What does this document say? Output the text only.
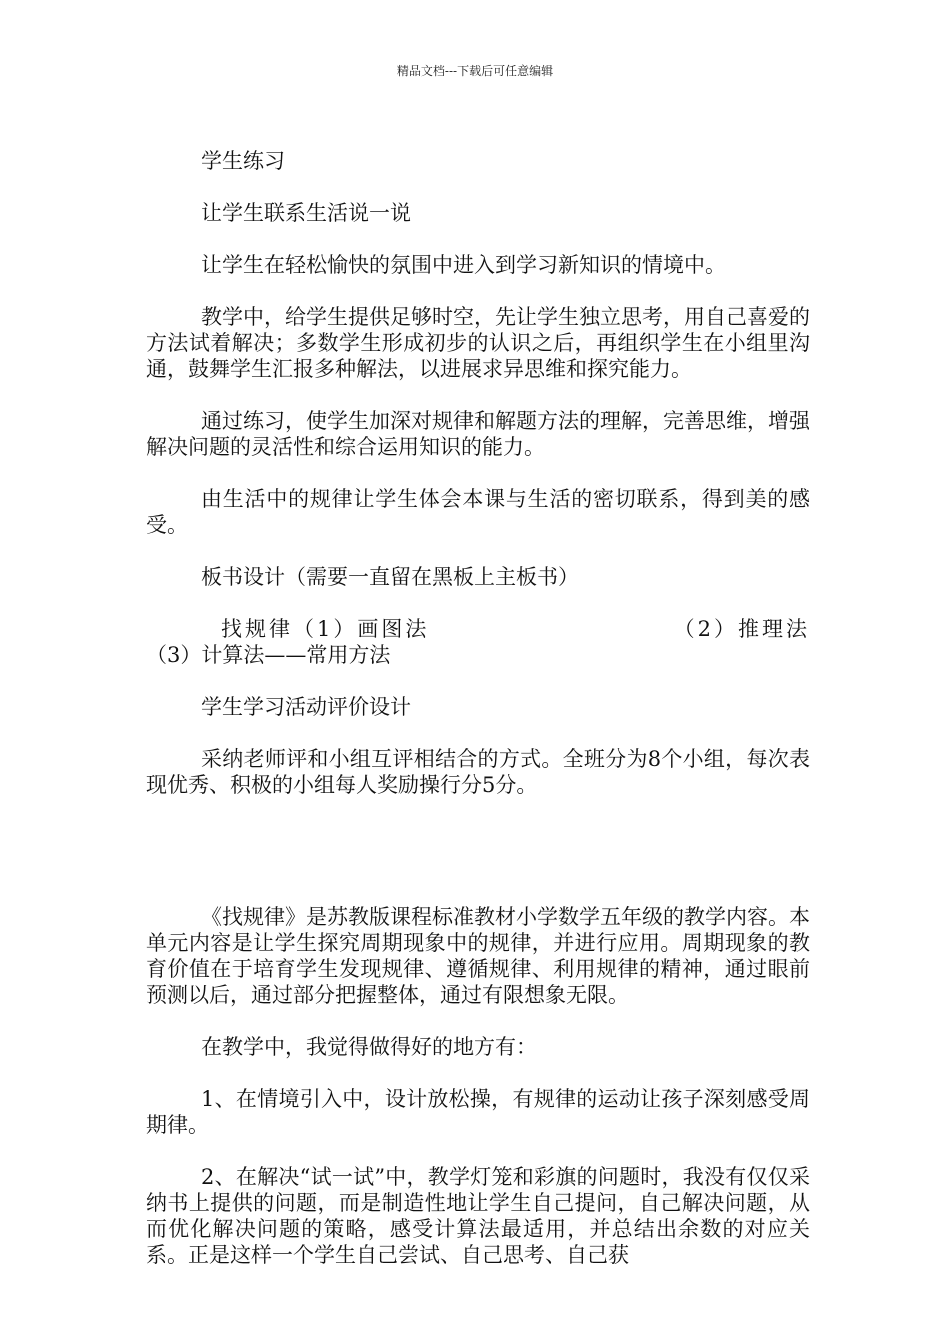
精品文档---下载后可任意编辑

学生练习

让学生联系生活说一说

让学生在轻松愉快的氛围中进入到学习新知识的情境中。

教学中，给学生提供足够时空，先让学生独立思考，用自己喜爱的方法试着解决；多数学生形成初步的认识之后，再组织学生在小组里沟通，鼓舞学生汇报多种解法，以进展求异思维和探究能力。

通过练习，使学生加深对规律和解题方法的理解，完善思维，增强解决问题的灵活性和综合运用知识的能力。

由生活中的规律让学生体会本课与生活的密切联系，得到美的感受。

板书设计（需要一直留在黑板上主板书）

找规律（1）画图法	（2）推理法

（3）计算法——常用方法

学生学习活动评价设计

采纳老师评和小组互评相结合的方式。全班分为8个小组，每次表现优秀、积极的小组每人奖励操行分5分。

《找规律》是苏教版课程标准教材小学数学五年级的教学内容。本单元内容是让学生探究周期现象中的规律，并进行应用。周期现象的教育价值在于培育学生发现规律、遵循规律、利用规律的精神，通过眼前预测以后，通过部分把握整体，通过有限想象无限。

在教学中，我觉得做得好的地方有：

1、在情境引入中，设计放松操，有规律的运动让孩子深刻感受周期律。

2、在解决“试一试”中，教学灯笼和彩旗的问题时，我没有仅仅采纳书上提供的问题，而是制造性地让学生自己提问，自己解决问题，从而优化解决问题的策略，感受计算法最适用，并总结出余数的对应关系。正是这样一个学生自己尝试、自己思考、自己获
